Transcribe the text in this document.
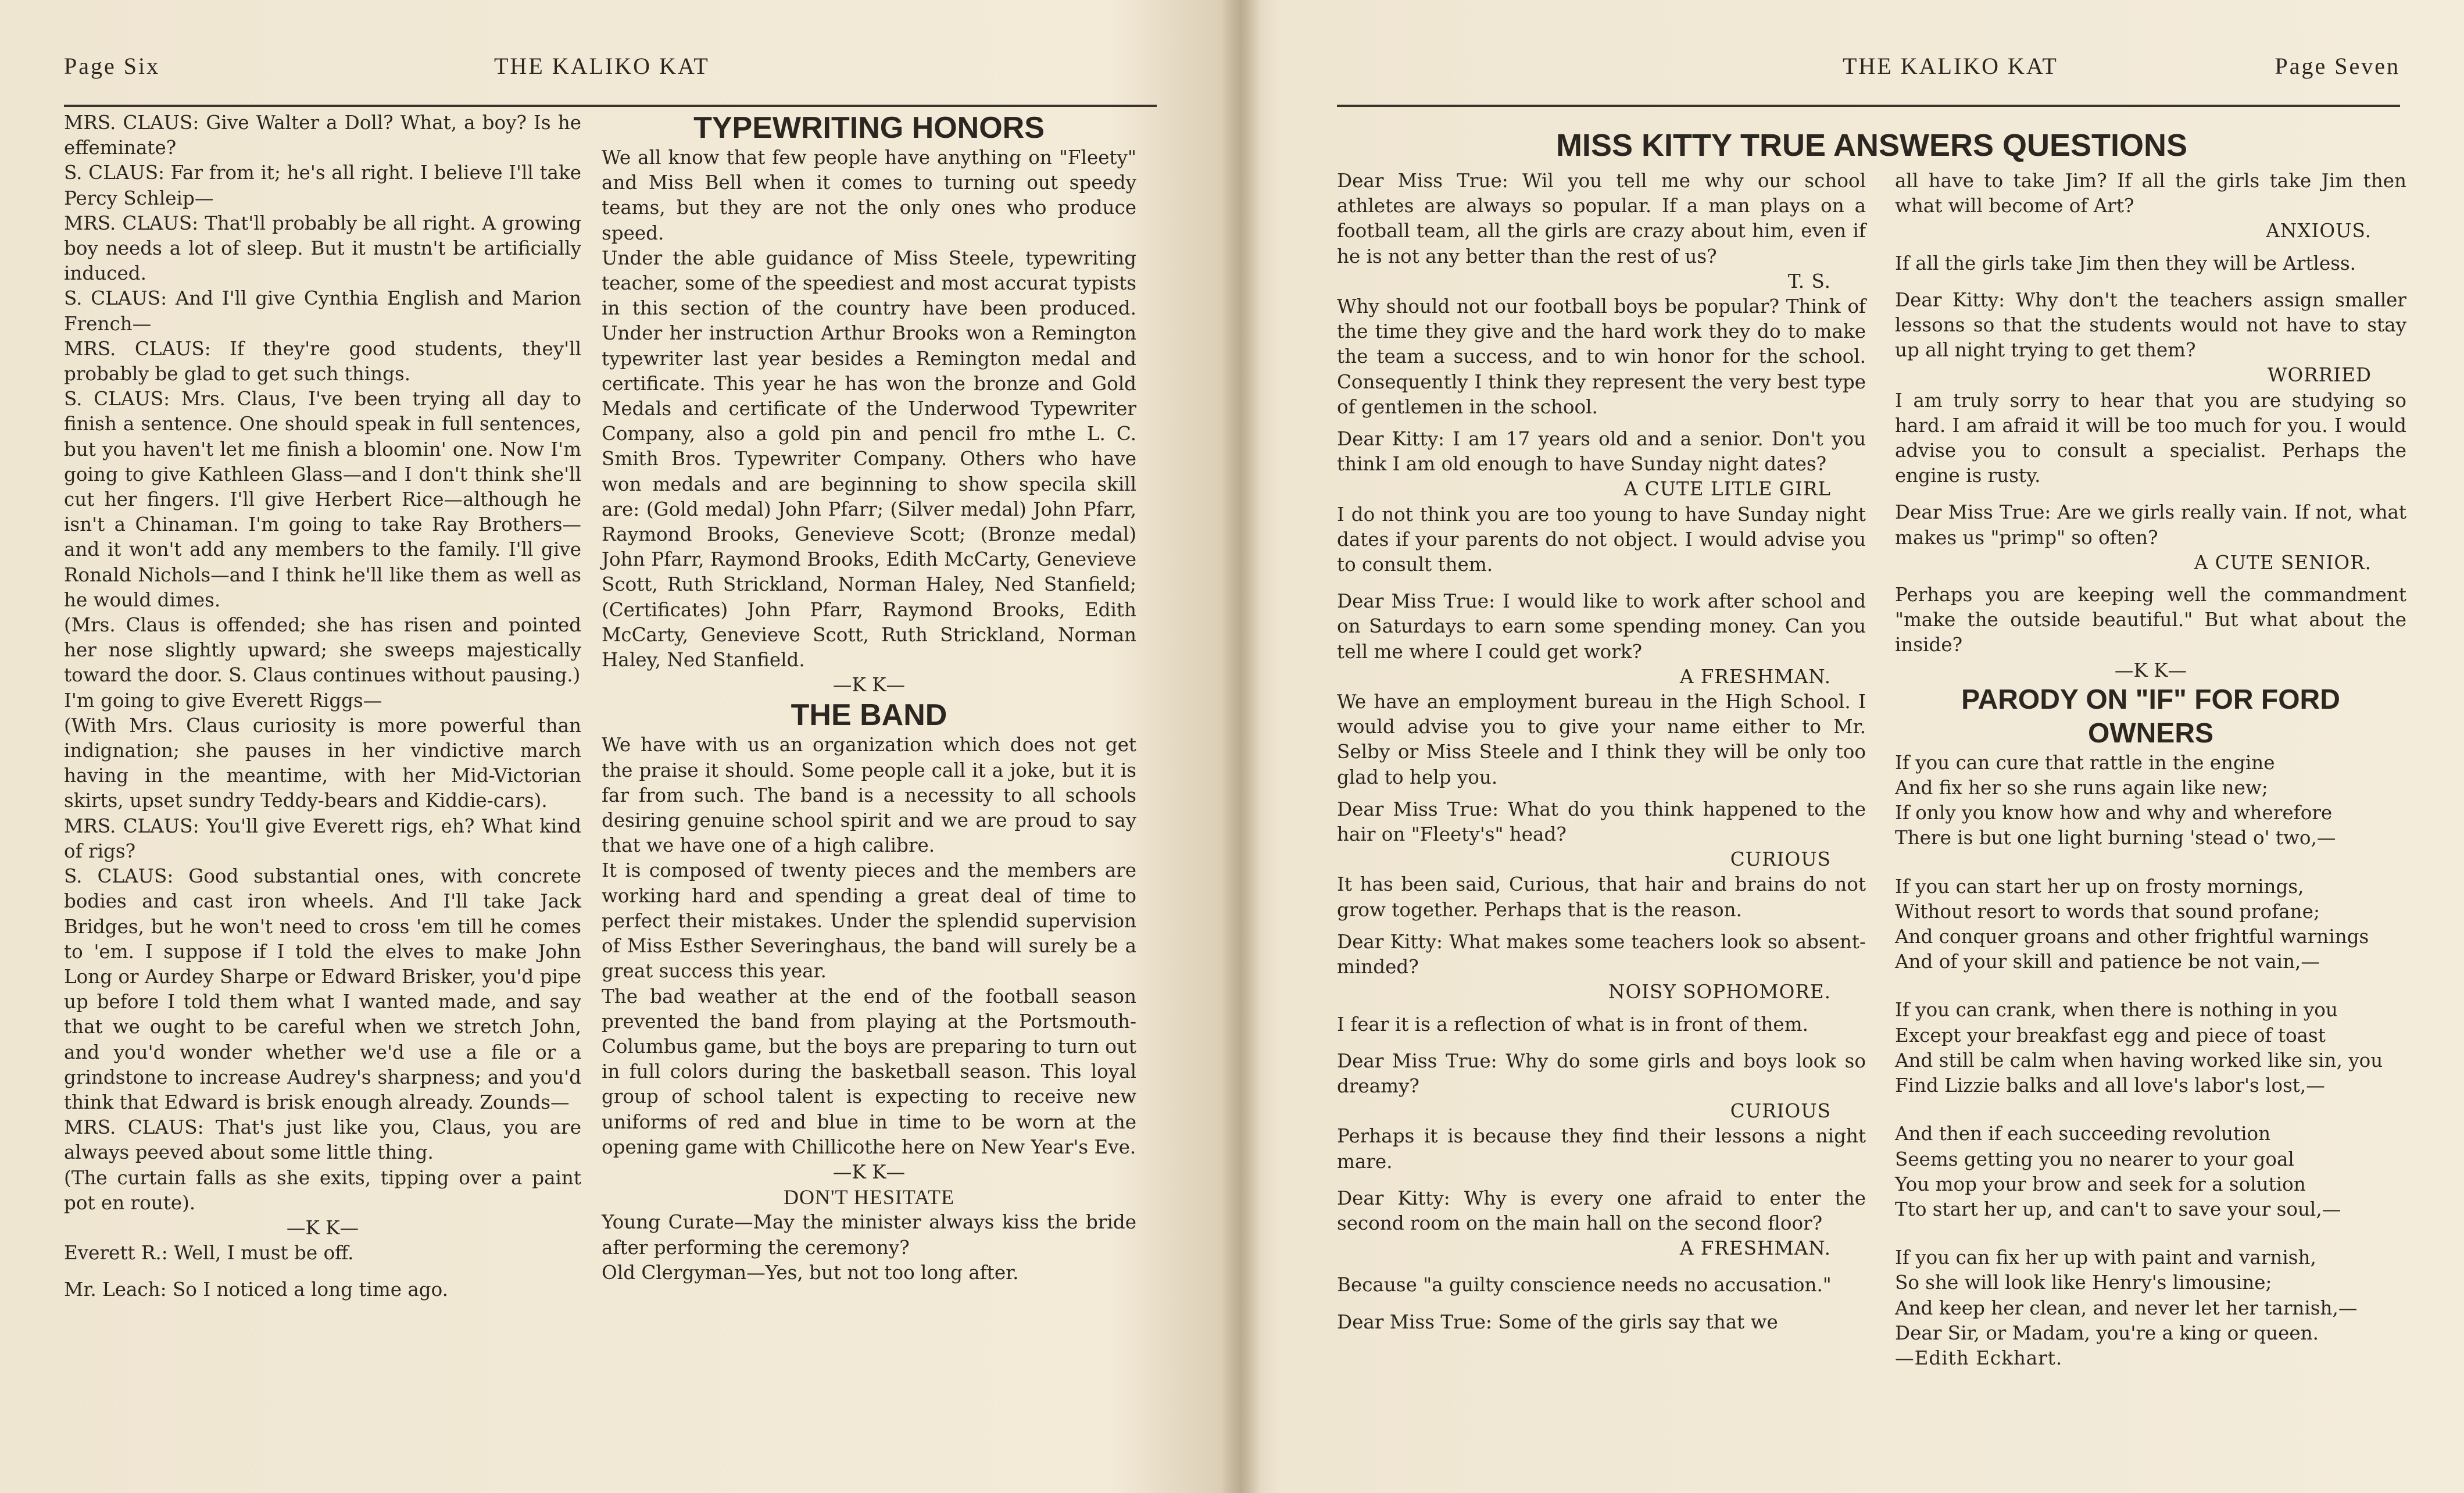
Page Six	THE KALIKO KAT

MRS. CLAUS: Give Walter a Doll? What, a boy? Is he effeminate?

S. CLAUS: Far from it; he's all right. I believe I'll take Percy Schleip—

MRS. CLAUS: That'll probably be all right. A growing boy needs a lot of sleep. But it mustn't be artificially induced.

S. CLAUS: And I'll give Cynthia English and Marion French—

MRS. CLAUS: If they're good students, they'll probably be glad to get such things.

S. CLAUS: Mrs. Claus, I've been trying all day to finish a sentence. One should speak in full sentences, but you haven't let me finish a bloomin' one. Now I'm going to give Kathleen Glass—and I don't think she'll cut her fingers. I'll give Herbert Rice—although he isn't a Chinaman. I'm going to take Ray Brothers—and it won't add any members to the family. I'll give Ronald Nichols—and I think he'll like them as well as he would dimes.

(Mrs. Claus is offended; she has risen and pointed her nose slightly upward; she sweeps majestically toward the door. S. Claus continues without pausing.)

I'm going to give Everett Riggs—

(With Mrs. Claus curiosity is more powerful than indignation; she pauses in her vindictive march having in the meantime, with her Mid-Victorian skirts, upset sundry Teddy-bears and Kiddie-cars).

MRS. CLAUS: You'll give Everett rigs, eh? What kind of rigs?

S. CLAUS: Good substantial ones, with concrete bodies and cast iron wheels. And I'll take Jack Bridges, but he won't need to cross 'em till he comes to 'em. I suppose if I told the elves to make John Long or Aurdey Sharpe or Edward Brisker, you'd pipe up before I told them what I wanted made, and say that we ought to be careful when we stretch John, and you'd wonder whether we'd use a file or a grindstone to increase Audrey's sharpness; and you'd think that Edward is brisk enough already. Zounds—

MRS. CLAUS: That's just like you, Claus, you are always peeved about some little thing.

(The curtain falls as she exits, tipping over a paint pot en route).

—K K—

Everett R.: Well, I must be off.

Mr. Leach: So I noticed a long time ago.

TYPEWRITING HONORS

We all know that few people have anything on "Fleety" and Miss Bell when it comes to turning out speedy teams, but they are not the only ones who produce speed.

Under the able guidance of Miss Steele, typewriting teacher, some of the speediest and most accurat typists in this section of the country have been produced. Under her instruction Arthur Brooks won a Remington typewriter last year besides a Remington medal and certificate. This year he has won the bronze and Gold Medals and certificate of the Underwood Typewriter Company, also a gold pin and pencil fro mthe L. C. Smith Bros. Typewriter Company. Others who have won medals and are beginning to show specila skill are: (Gold medal) John Pfarr; (Silver medal) John Pfarr, Raymond Brooks, Genevieve Scott; (Bronze medal) John Pfarr, Raymond Brooks, Edith McCarty, Genevieve Scott, Ruth Strickland, Norman Haley, Ned Stanfield; (Certificates) John Pfarr, Raymond Brooks, Edith McCarty, Genevieve Scott, Ruth Strickland, Norman Haley, Ned Stanfield.

—K K—

THE BAND

We have with us an organization which does not get the praise it should. Some people call it a joke, but it is far from such. The band is a necessity to all schools desiring genuine school spirit and we are proud to say that we have one of a high calibre.

It is composed of twenty pieces and the members are working hard and spending a great deal of time to perfect their mistakes. Under the splendid supervision of Miss Esther Severinghaus, the band will surely be a great success this year.

The bad weather at the end of the football season prevented the band from playing at the Portsmouth-Columbus game, but the boys are preparing to turn out in full colors during the basketball season. This loyal group of school talent is expecting to receive new uniforms of red and blue in time to be worn at the opening game with Chillicothe here on New Year's Eve.

—K K—

DON'T HESITATE

Young Curate—May the minister always kiss the bride after performing the ceremony?

Old Clergyman—Yes, but not too long after.

THE KALIKO KAT	Page Seven

MISS KITTY TRUE ANSWERS QUESTIONS

Dear Miss True: Wil you tell me why our school athletes are always so popular. If a man plays on a football team, all the girls are crazy about him, even if he is not any better than the rest of us?

T. S.

Why should not our football boys be popular? Think of the time they give and the hard work they do to make the team a success, and to win honor for the school. Consequently I think they represent the very best type of gentlemen in the school.

Dear Kitty: I am 17 years old and a senior. Don't you think I am old enough to have Sunday night dates?

A CUTE LITLE GIRL

I do not think you are too young to have Sunday night dates if your parents do not object. I would advise you to consult them.

Dear Miss True: I would like to work after school and on Saturdays to earn some spending money. Can you tell me where I could get work?

A FRESHMAN.

We have an employment bureau in the High School. I would advise you to give your name either to Mr. Selby or Miss Steele and I think they will be only too glad to help you.

Dear Miss True: What do you think happened to the hair on "Fleety's" head?

CURIOUS

It has been said, Curious, that hair and brains do not grow together. Perhaps that is the reason.

Dear Kitty: What makes some teachers look so absent-minded?

NOISY SOPHOMORE.

I fear it is a reflection of what is in front of them.

Dear Miss True: Why do some girls and boys look so dreamy?

CURIOUS

Perhaps it is because they find their lessons a night mare.

Dear Kitty: Why is every one afraid to enter the second room on the main hall on the second floor?

A FRESHMAN.

Because "a guilty conscience needs no accusation."

Dear Miss True: Some of the girls say that we

all have to take Jim? If all the girls take Jim then what will become of Art?

ANXIOUS.

If all the girls take Jim then they will be Artless.

Dear Kitty: Why don't the teachers assign smaller lessons so that the students would not have to stay up all night trying to get them?

WORRIED

I am truly sorry to hear that you are studying so hard. I am afraid it will be too much for you. I would advise you to consult a specialist. Perhaps the engine is rusty.

Dear Miss True: Are we girls really vain. If not, what makes us "primp" so often?

A CUTE SENIOR.

Perhaps you are keeping well the commandment "make the outside beautiful." But what about the inside?

—K K—

PARODY ON "IF" FOR FORD OWNERS

If you can cure that rattle in the engine

And fix her so she runs again like new;

If only you know how and why and wherefore

There is but one light burning 'stead o' two,—

If you can start her up on frosty mornings,

Without resort to words that sound profane;

And conquer groans and other frightful warnings

And of your skill and patience be not vain,—

If you can crank, when there is nothing in you

Except your breakfast egg and piece of toast

And still be calm when having worked like sin, you

Find Lizzie balks and all love's labor's lost,—

And then if each succeeding revolution

Seems getting you no nearer to your goal

You mop your brow and seek for a solution

Tto start her up, and can't to save your soul,—

If you can fix her up with paint and varnish,

So she will look like Henry's limousine;

And keep her clean, and never let her tarnish,—

Dear Sir, or Madam, you're a king or queen.

—Edith Eckhart.
